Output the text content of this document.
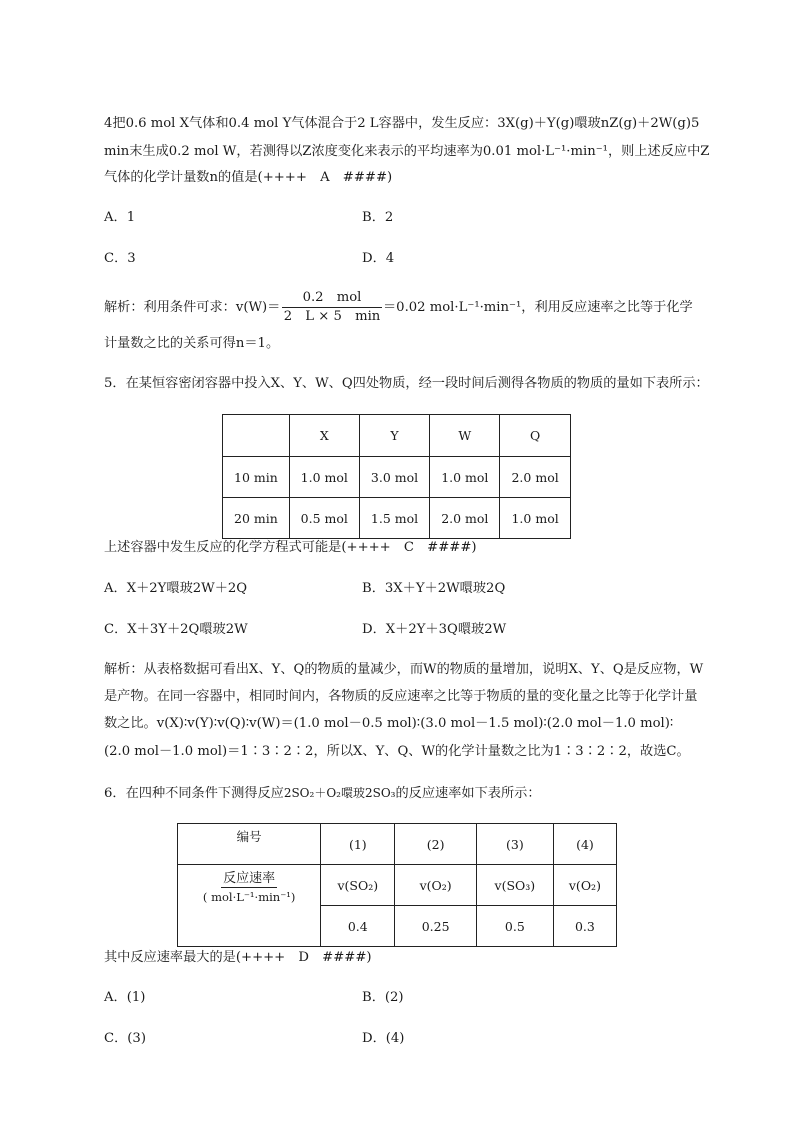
4把0.6 mol X气体和0.4 mol Y气体混合于2 L容器中，发生反应：3X(g)＋Y(g)噮玻nZ(g)＋2W(g)5
min末生成0.2 mol W，若测得以Z浓度变化来表示的平均速率为0.01 mol·L⁻¹·min⁻¹，则上述反应中Z
气体的化学计量数n的值是(++++　A　####)
A．1	B．2
C．3	D．4
解析：利用条件可求：v(W)＝
0.2　mol
2　L × 5　min
＝0.02 mol·L⁻¹·min⁻¹，利用反应速率之比等于化学
计量数之比的关系可得n＝1。
5．在某恒容密闭容器中投入X、Y、W、Q四处物质，经一段时间后测得各物质的物质的量如下表所示：
	X	Y	W	Q
10 min	1.0 mol	3.0 mol	1.0 mol	2.0 mol
20 min	0.5 mol	1.5 mol	2.0 mol	1.0 mol
上述容器中发生反应的化学方程式可能是(++++　C　####)
A．X＋2Y噮玻2W＋2Q	B．3X＋Y＋2W噮玻2Q
C．X＋3Y＋2Q噮玻2W	D．X＋2Y＋3Q噮玻2W
解析：从表格数据可看出X、Y、Q的物质的量减少，而W的物质的量增加，说明X、Y、Q是反应物，W
是产物。在同一容器中，相同时间内，各物质的反应速率之比等于物质的量的变化量之比等于化学计量
数之比。v(X)∶v(Y)∶v(Q)∶v(W)＝(1.0 mol－0.5 mol)∶(3.0 mol－1.5 mol)∶(2.0 mol－1.0 mol)∶
(2.0 mol－1.0 mol)＝1∶3∶2∶2，所以X、Y、Q、W的化学计量数之比为1∶3∶2∶2，故选C。
6．在四种不同条件下测得反应2SO₂＋O₂噮玻2SO₃的反应速率如下表所示：
编号	(1)	(2)	(3)	(4)
反应速率
( mol·L⁻¹·min⁻¹)	v(SO₂)	v(O₂)	v(SO₃)	v(O₂)
	0.4	0.25	0.5	0.3
其中反应速率最大的是(++++　D　####)
A．(1)	B．(2)
C．(3)	D．(4)
